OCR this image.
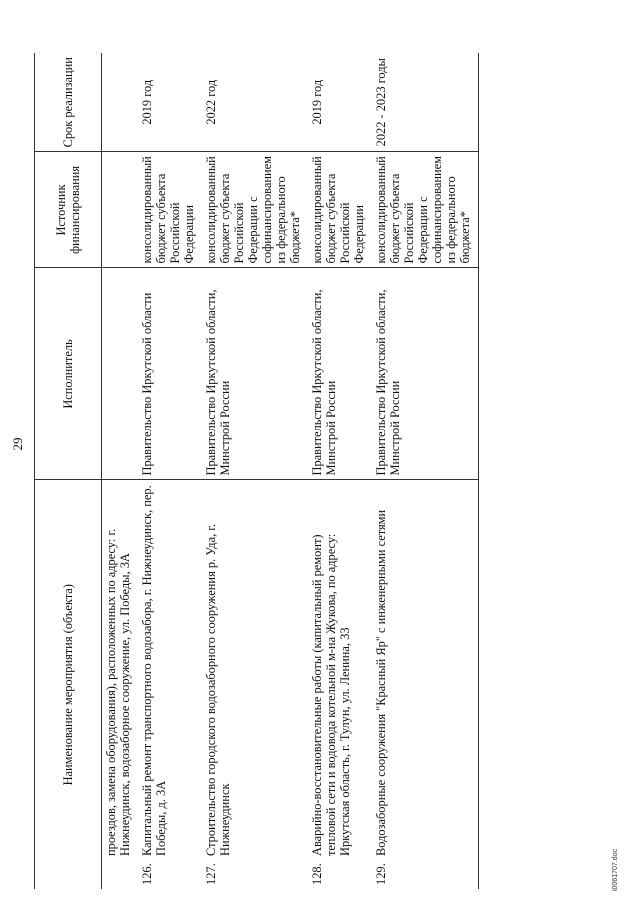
29
Наименование мероприятия (объекта)	Исполнитель	Источник финансирования	Срок реализации

проездов, замена оборудования), расположенных по адресу: г. Нижнеудинск, водозаборное сооружение, ул. Победы, 3А			

126.
Капитальный ремонт транспортного водозабора, г. Нижнеудинск, пер. Победы, д. 3А	Правительство Иркутской области	консолидированный бюджет субъекта Российской Федерации	2019 год

127.
Строительство городского водозаборного сооружения р. Уда, г. Нижнеудинск	Правительство Иркутской области, Минстрой России	консолидированный бюджет субъекта Российской Федерации с софинансированием из федерального бюджета*	2022 год

128.
Аварийно-восстановительные работы (капитальный ремонт) тепловой сети и водовода котельной м-на Жукова, по адресу: Иркутская область, г. Тулун, ул. Ленина, 33	Правительство Иркутской области, Минстрой России	консолидированный бюджет субъекта Российской Федерации	2019 год

129.
Водозаборные сооружения "Красный Яр" с инженерными сетями	Правительство Иркутской области, Минстрой России	консолидированный бюджет субъекта Российской Федерации с софинансированием из федерального бюджета*	2022 - 2023 годы
i0061707.doc
